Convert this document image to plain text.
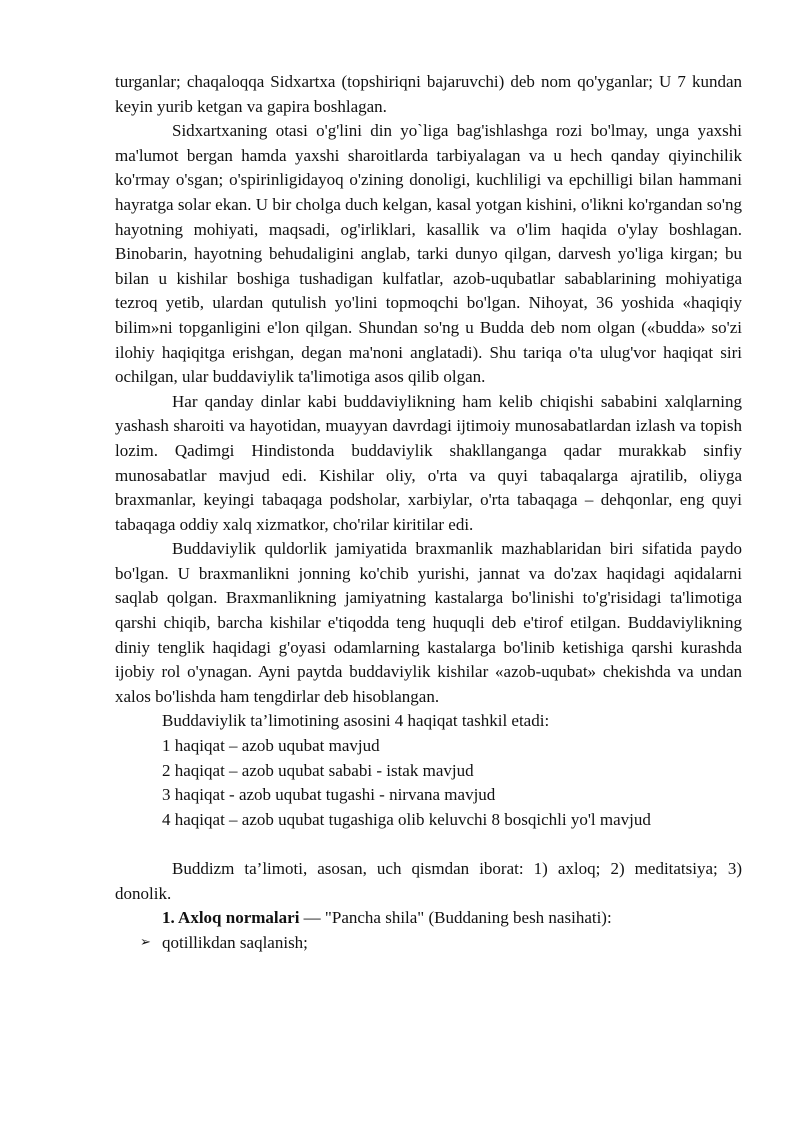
turganlar; chaqaloqqa Sidxartxa (topshiriqni bajaruvchi) deb nom qo'yganlar; U 7 kundan keyin yurib ketgan va gapira boshlagan.

Sidxartxaning otasi o'g'lini din yo`liga bag'ishlashga rozi bo'lmay, unga yaxshi ma'lumot bergan hamda yaxshi sharoitlarda tarbiyalagan va u hech qanday qiyinchilik ko'rmay o'sgan; o'spirinligidayoq o'zining donoligi, kuchliligi va epchilligi bilan hammani hayratga solar ekan. U bir cholga duch kelgan, kasal yotgan kishini, o'likni ko'rgandan so'ng hayotning mohiyati, maqsadi, og'irliklari, kasallik va o'lim haqida o'ylay boshlagan. Binobarin, hayotning behudaligini anglab, tarki dunyo qilgan, darvesh yo'liga kirgan; bu bilan u kishilar boshiga tushadigan kulfatlar, azob-uqubatlar sabablarining mohiyatiga tezroq yetib, ulardan qutulish yo'lini topmoqchi bo'lgan. Nihoyat, 36 yoshida «haqiqiy bilim»ni topganligini e'lon qilgan. Shundan so'ng u Budda deb nom olgan («budda» so'zi ilohiy haqiqitga erishgan, degan ma'noni anglatadi). Shu tariqa o'ta ulug'vor haqiqat siri ochilgan, ular buddaviylik ta'limotiga asos qilib olgan.

Har qanday dinlar kabi buddaviylikning ham kelib chiqishi sababini xalqlarning yashash sharoiti va hayotidan, muayyan davrdagi ijtimoiy munosabatlardan izlash va topish lozim. Qadimgi Hindistonda buddaviylik shakllanganga qadar murakkab sinfiy munosabatlar mavjud edi. Kishilar oliy, o'rta va quyi tabaqalarga ajratilib, oliyga braxmanlar, keyingi tabaqaga podsholar, xarbiylar, o'rta tabaqaga – dehqonlar, eng quyi tabaqaga oddiy xalq xizmatkor, cho'rilar kiritilar edi.

Buddaviylik quldorlik jamiyatida braxmanlik mazhablaridan biri sifatida paydo bo'lgan. U braxmanlikni jonning ko'chib yurishi, jannat va do'zax haqidagi aqidalarni saqlab qolgan. Braxmanlikning jamiyatning kastalarga bo'linishi to'g'risidagi ta'limotiga qarshi chiqib, barcha kishilar e'tiqodda teng huquqli deb e'tirof etilgan. Buddaviylikning diniy tenglik haqidagi g'oyasi odamlarning kastalarga bo'linib ketishiga qarshi kurashda ijobiy rol o'ynagan. Ayni paytda buddaviylik kishilar «azob-uqubat» chekishda va undan xalos bo'lishda ham tengdirlar deb hisoblangan.

Buddaviylik ta’limotining asosini 4 haqiqat tashkil etadi:

1 haqiqat – azob uqubat mavjud

2 haqiqat – azob uqubat sababi - istak mavjud

3 haqiqat - azob uqubat tugashi - nirvana mavjud

4 haqiqat – azob uqubat tugashiga olib keluvchi 8 bosqichli yo'l mavjud

Buddizm ta’limoti, asosan, uch qismdan iborat: 1) axloq; 2) meditatsiya; 3) donolik.

1. Axloq normalari — "Pancha shila" (Buddaning besh nasihati):

➢ qotillikdan saqlanish;
